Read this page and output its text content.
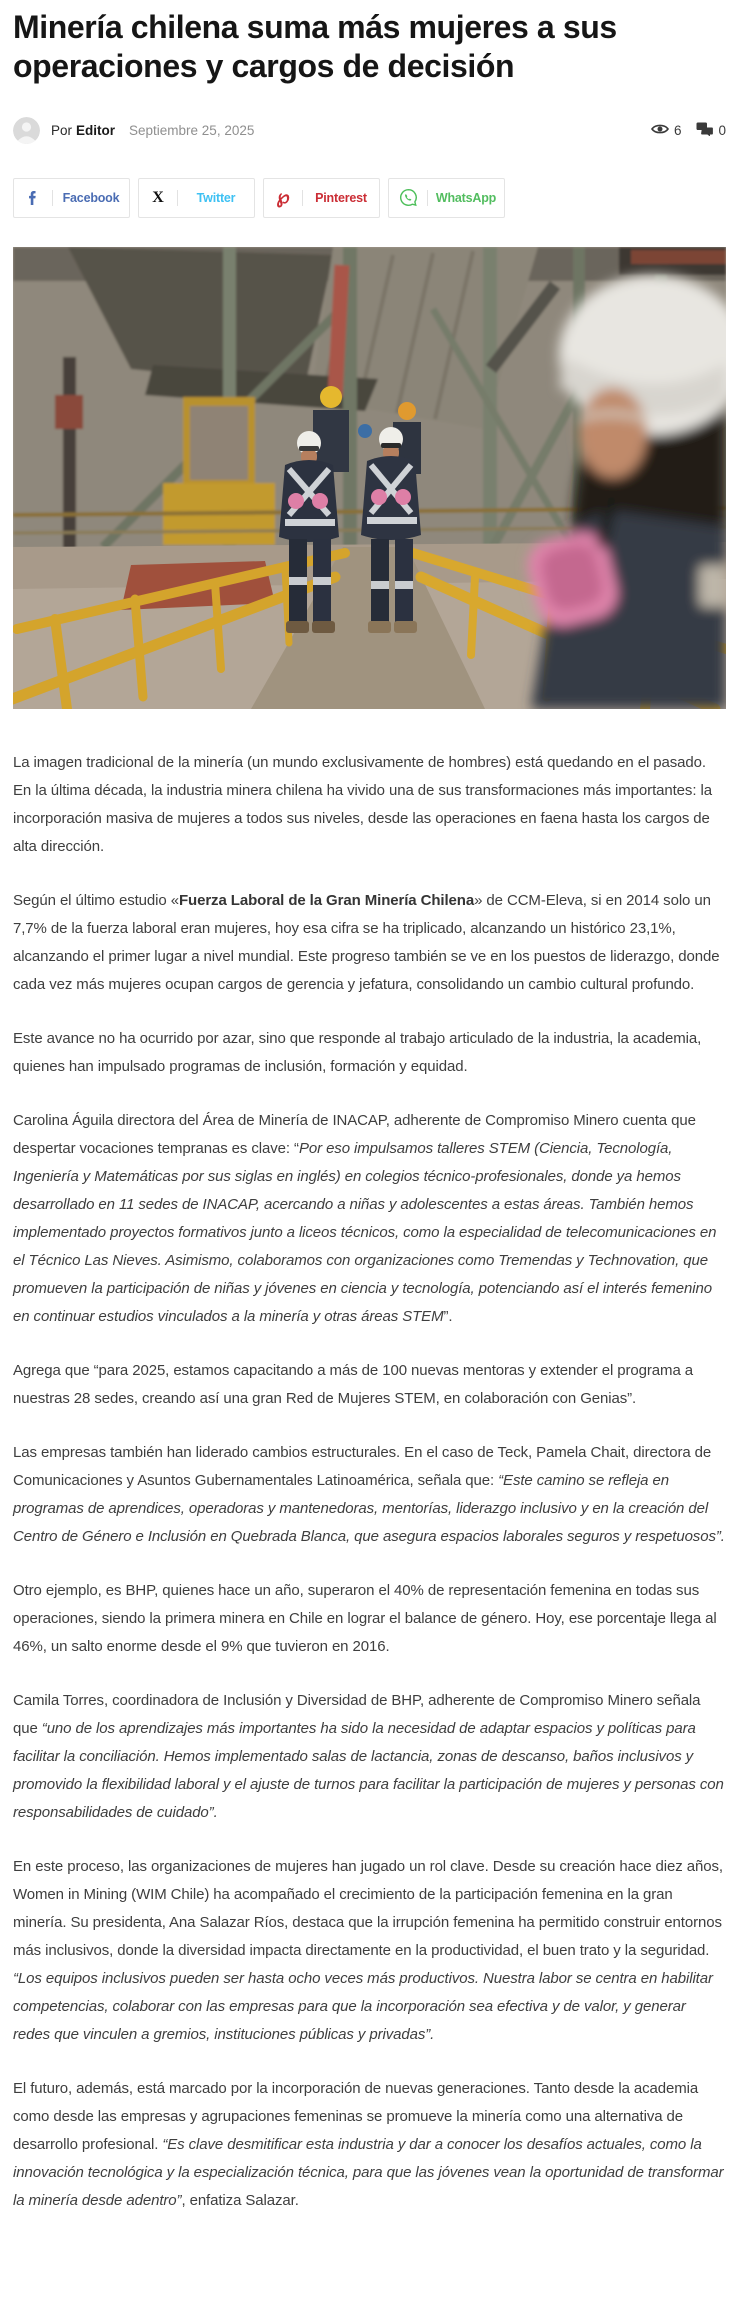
Minería chilena suma más mujeres a sus operaciones y cargos de decisión
Por Editor Septiembre 25, 2025	6	0
Facebook	X	Twitter	℘	Pinterest	WhatsApp

La imagen tradicional de la minería (un mundo exclusivamente de hombres) está quedando en el pasado. En la última década, la industria minera chilena ha vivido una de sus transformaciones más importantes: la incorporación masiva de mujeres a todos sus niveles, desde las operaciones en faena hasta los cargos de alta dirección.

Según el último estudio «Fuerza Laboral de la Gran Minería Chilena» de CCM-Eleva, si en 2014 solo un 7,7% de la fuerza laboral eran mujeres, hoy esa cifra se ha triplicado, alcanzando un histórico 23,1%, alcanzando el primer lugar a nivel mundial. Este progreso también se ve en los puestos de liderazgo, donde cada vez más mujeres ocupan cargos de gerencia y jefatura, consolidando un cambio cultural profundo.

Este avance no ha ocurrido por azar, sino que responde al trabajo articulado de la industria, la academia, quienes han impulsado programas de inclusión, formación y equidad.

Carolina Águila directora del Área de Minería de INACAP, adherente de Compromiso Minero cuenta que despertar vocaciones tempranas es clave: “Por eso impulsamos talleres STEM (Ciencia, Tecnología, Ingeniería y Matemáticas por sus siglas en inglés) en colegios técnico-profesionales, donde ya hemos desarrollado en 11 sedes de INACAP, acercando a niñas y adolescentes a estas áreas. También hemos implementado proyectos formativos junto a liceos técnicos, como la especialidad de telecomunicaciones en el Técnico Las Nieves. Asimismo, colaboramos con organizaciones como Tremendas y Technovation, que promueven la participación de niñas y jóvenes en ciencia y tecnología, potenciando así el interés femenino en continuar estudios vinculados a la minería y otras áreas STEM”.

Agrega que “para 2025, estamos capacitando a más de 100 nuevas mentoras y extender el programa a nuestras 28 sedes, creando así una gran Red de Mujeres STEM, en colaboración con Genias”.

Las empresas también han liderado cambios estructurales. En el caso de Teck, Pamela Chait, directora de Comunicaciones y Asuntos Gubernamentales Latinoamérica, señala que: “Este camino se refleja en programas de aprendices, operadoras y mantenedoras, mentorías, liderazgo inclusivo y en la creación del Centro de Género e Inclusión en Quebrada Blanca, que asegura espacios laborales seguros y respetuosos”.

Otro ejemplo, es BHP, quienes hace un año, superaron el 40% de representación femenina en todas sus operaciones, siendo la primera minera en Chile en lograr el balance de género. Hoy, ese porcentaje llega al 46%, un salto enorme desde el 9% que tuvieron en 2016.

Camila Torres, coordinadora de Inclusión y Diversidad de BHP, adherente de Compromiso Minero señala que “uno de los aprendizajes más importantes ha sido la necesidad de adaptar espacios y políticas para facilitar la conciliación. Hemos implementado salas de lactancia, zonas de descanso, baños inclusivos y promovido la flexibilidad laboral y el ajuste de turnos para facilitar la participación de mujeres y personas con responsabilidades de cuidado”.

En este proceso, las organizaciones de mujeres han jugado un rol clave. Desde su creación hace diez años, Women in Mining (WIM Chile) ha acompañado el crecimiento de la participación femenina en la gran minería. Su presidenta, Ana Salazar Ríos, destaca que la irrupción femenina ha permitido construir entornos más inclusivos, donde la diversidad impacta directamente en la productividad, el buen trato y la seguridad. “Los equipos inclusivos pueden ser hasta ocho veces más productivos. Nuestra labor se centra en habilitar competencias, colaborar con las empresas para que la incorporación sea efectiva y de valor, y generar redes que vinculen a gremios, instituciones públicas y privadas”.

El futuro, además, está marcado por la incorporación de nuevas generaciones. Tanto desde la academia como desde las empresas y agrupaciones femeninas se promueve la minería como una alternativa de desarrollo profesional. “Es clave desmitificar esta industria y dar a conocer los desafíos actuales, como la innovación tecnológica y la especialización técnica, para que las jóvenes vean la oportunidad de transformar la minería desde adentro”, enfatiza Salazar.
